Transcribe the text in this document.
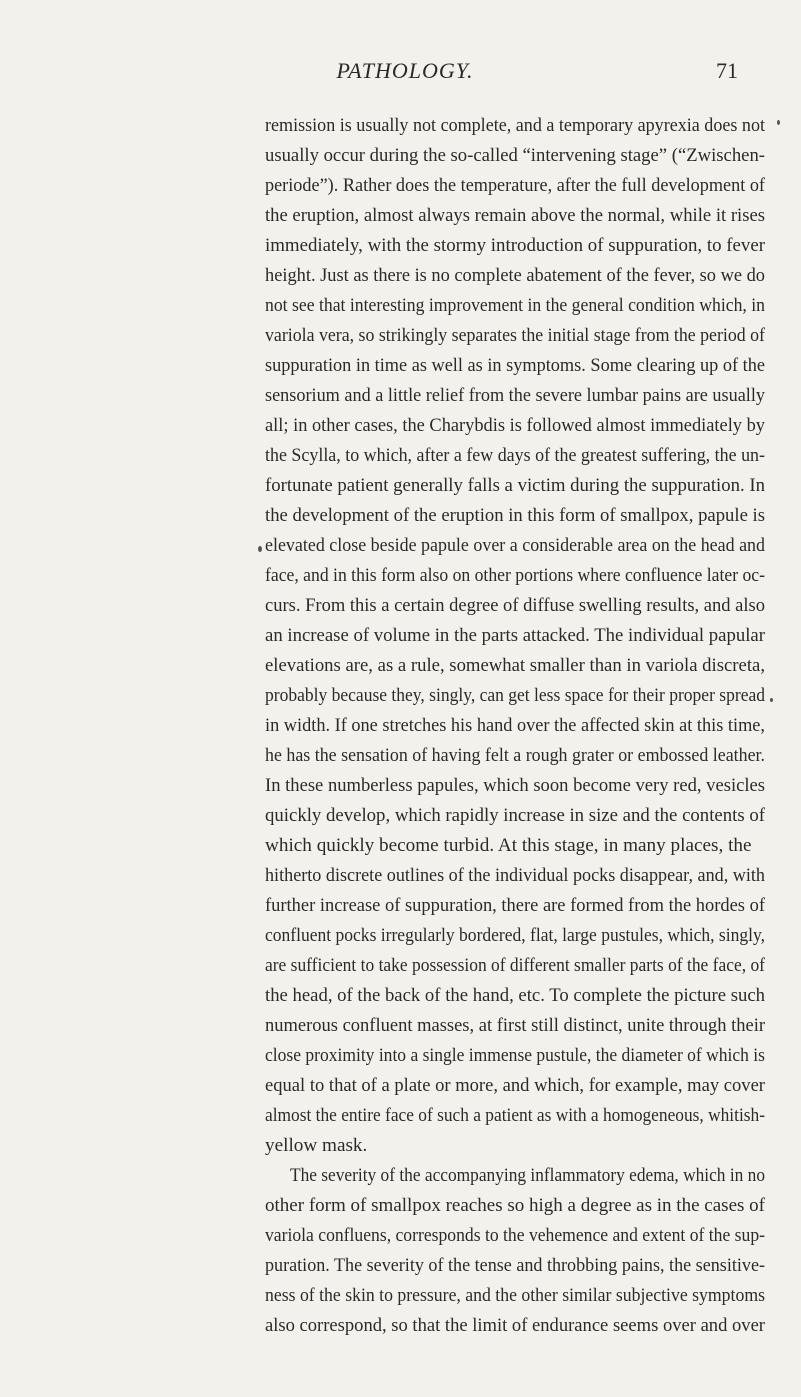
PATHOLOGY.	71
remission is usually not complete, and a temporary apyrexia does not
usually occur during the so-called “intervening stage” (“Zwischen-
periode”). Rather does the temperature, after the full development of
the eruption, almost always remain above the normal, while it rises
immediately, with the stormy introduction of suppuration, to fever
height. Just as there is no complete abatement of the fever, so we do
not see that interesting improvement in the general condition which, in
variola vera, so strikingly separates the initial stage from the period of
suppuration in time as well as in symptoms. Some clearing up of the
sensorium and a little relief from the severe lumbar pains are usually
all; in other cases, the Charybdis is followed almost immediately by
the Scylla, to which, after a few days of the greatest suffering, the un-
fortunate patient generally falls a victim during the suppuration. In
the development of the eruption in this form of smallpox, papule is
elevated close beside papule over a considerable area on the head and
face, and in this form also on other portions where confluence later oc-
curs. From this a certain degree of diffuse swelling results, and also
an increase of volume in the parts attacked. The individual papular
elevations are, as a rule, somewhat smaller than in variola discreta,
probably because they, singly, can get less space for their proper spread
in width. If one stretches his hand over the affected skin at this time,
he has the sensation of having felt a rough grater or embossed leather.
In these numberless papules, which soon become very red, vesicles
quickly develop, which rapidly increase in size and the contents of
which quickly become turbid. At this stage, in many places, the
hitherto discrete outlines of the individual pocks disappear, and, with
further increase of suppuration, there are formed from the hordes of
confluent pocks irregularly bordered, flat, large pustules, which, singly,
are sufficient to take possession of different smaller parts of the face, of
the head, of the back of the hand, etc. To complete the picture such
numerous confluent masses, at first still distinct, unite through their
close proximity into a single immense pustule, the diameter of which is
equal to that of a plate or more, and which, for example, may cover
almost the entire face of such a patient as with a homogeneous, whitish-
yellow mask.
The severity of the accompanying inflammatory edema, which in no
other form of smallpox reaches so high a degree as in the cases of
variola confluens, corresponds to the vehemence and extent of the sup-
puration. The severity of the tense and throbbing pains, the sensitive-
ness of the skin to pressure, and the other similar subjective symptoms
also correspond, so that the limit of endurance seems over and over
